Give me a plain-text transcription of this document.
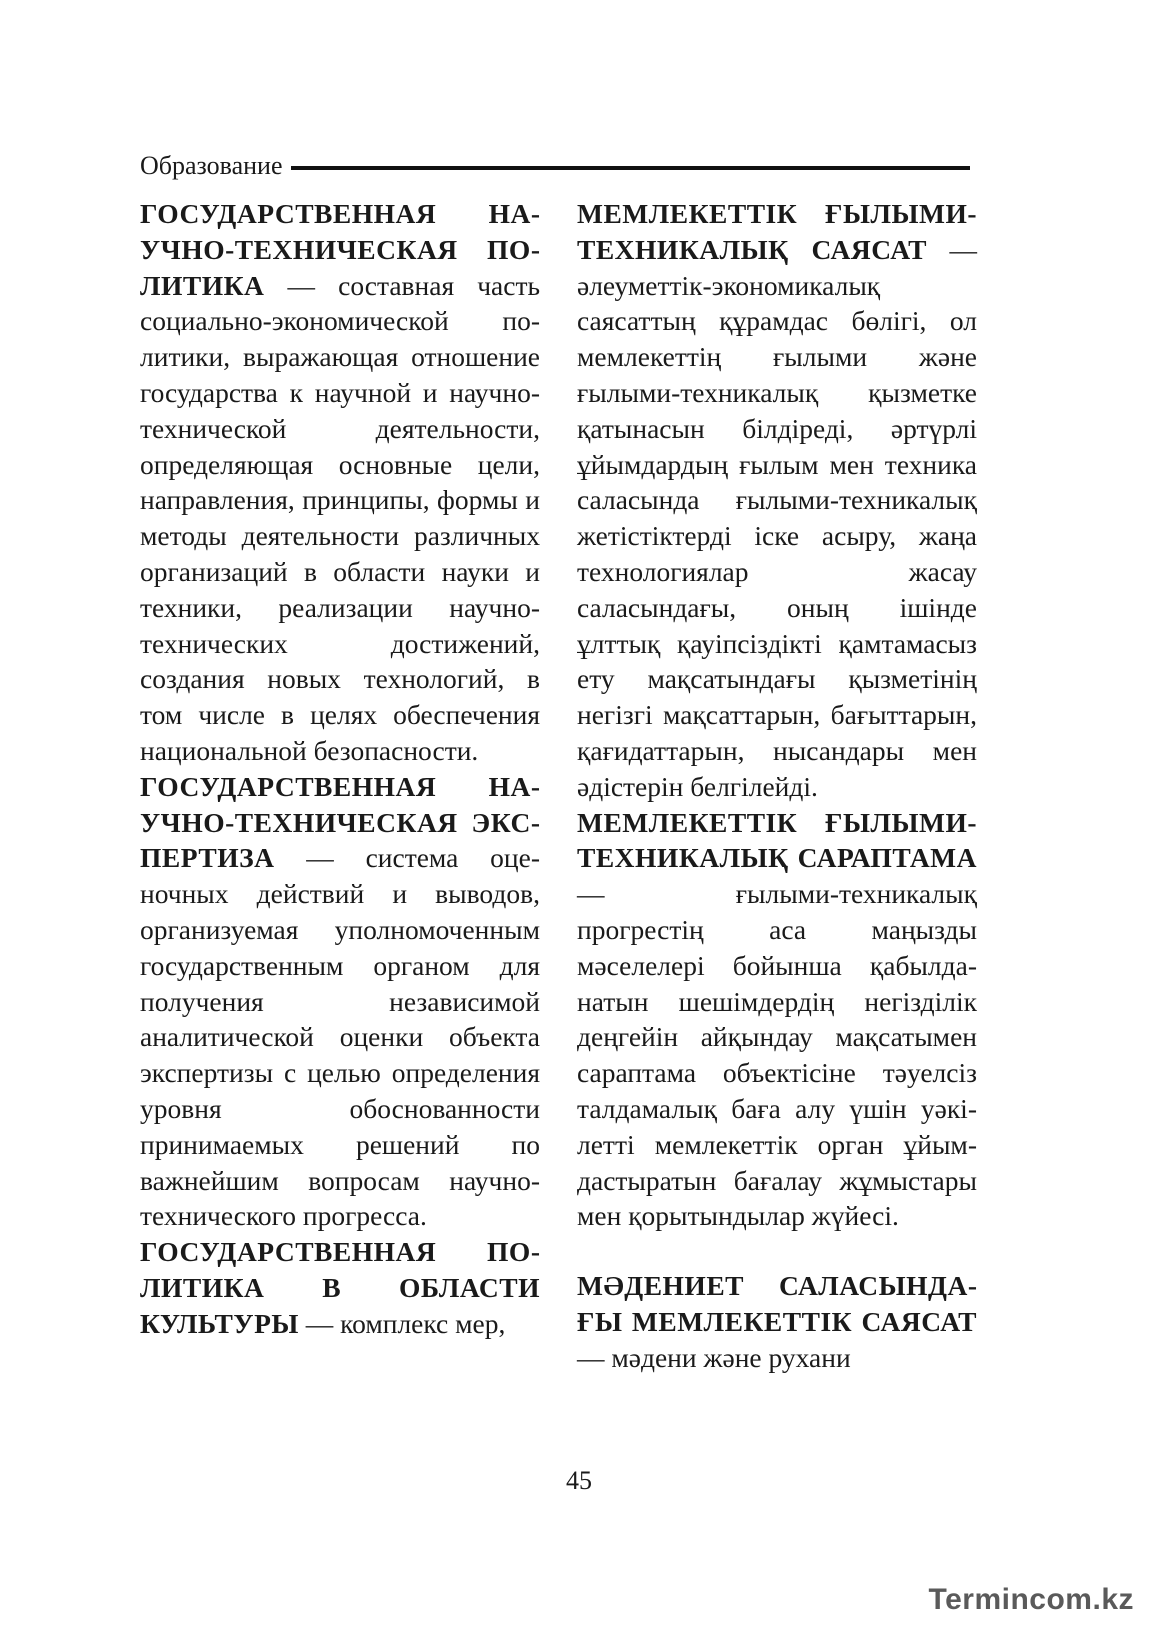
Образование

ГОСУДАРСТВЕННАЯ НАУЧНО-ТЕХНИЧЕСКАЯ ПОЛИТИКА — составная часть социально-экономической политики, выражающая отношение государства к научной и научно-технической деятельности, определяющая основные цели, направления, принципы, формы и методы деятельности различных организаций в области науки и техники, реализации научно-технических достижений, создания новых технологий, в том числе в целях обеспечения национальной безопасности.

ГОСУДАРСТВЕННАЯ НАУЧНО-ТЕХНИЧЕСКАЯ ЭКСПЕРТИЗА — система оценочных действий и выводов, организуемая уполномоченным государственным органом для получения независимой аналитической оценки объекта экспертизы с целью определения уровня обоснованности принимаемых решений по важнейшим вопросам научнотехнического прогресса.

ГОСУДАРСТВЕННАЯ ПОЛИТИКА В ОБЛАСТИ КУЛЬТУРЫ — комплекс мер,

МЕМЛЕКЕТТІК ҒЫЛЫМИ-ТЕХНИКАЛЫҚ САЯСАТ — әлеуметтік-экономикалық саясаттың құрамдас бөлігі, ол мемлекеттің ғылыми және ғылыми-техникалық қызметке қатынасын білдіреді, әртүрлі ұйымдардың ғылым мен техника саласында ғылыми-техникалық жетістіктерді іске асыру, жаңа технологиялар жасау саласындағы, оның ішінде ұлттық қауіпсіздікті қамтамасыз ету мақсатындағы қызметінің негізгі мақсаттарын, бағыттарын, қағидаттарын, нысандары мен әдістерін белгілейді.

МЕМЛЕКЕТТІК ҒЫЛЫМИ-ТЕХНИКАЛЫҚ САРАПТАМА — ғылыми-техникалық прогрестің аса маңызды мәселелері бойынша қабылданатын шешімдердің негізділік деңгейін айқындау мақсатымен сараптама объектісіне тәуелсіз талдамалық баға алу үшін уәкілетті мемлекеттік орган ұйымдастыратын бағалау жұмыстары мен қорытындылар жүйесі.

МӘДЕНИЕТ САЛАСЫНДАҒЫ МЕМЛЕКЕТТІК САЯСАТ — мәдени және рухани

45
Termincom.kz
